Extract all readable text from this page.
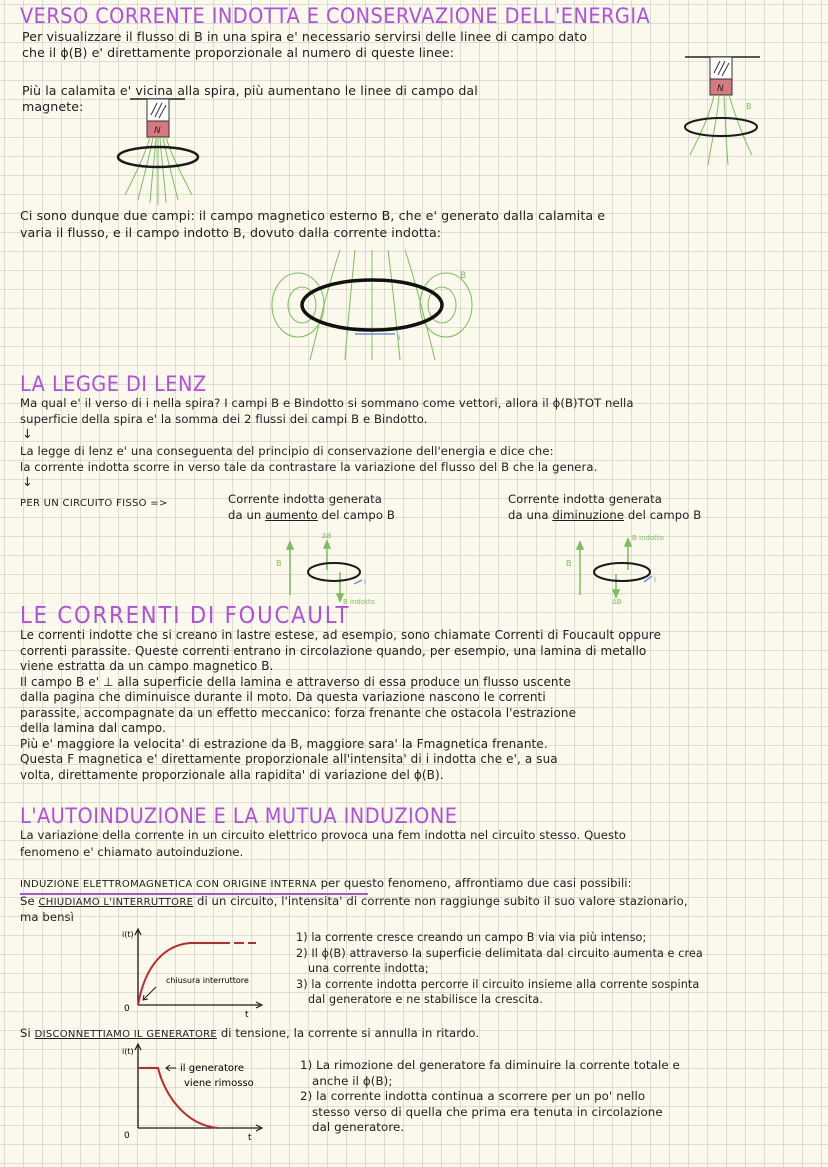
VERSO CORRENTE INDOTTA E CONSERVAZIONE DELL'ENERGIA
Per visualizzare il flusso di B in una spira e' necessario servirsi delle linee di campo dato
che il ϕ(B) e' direttamente proporzionale al numero di queste linee:
Più la calamita e' vicina alla spira, più aumentano le linee di campo dal
magnete:
N
N
B
Ci sono dunque due campi: il campo magnetico esterno B, che e' generato dalla calamita e
varia il flusso, e il campo indotto B, dovuto dalla corrente indotta:
B
i
LA LEGGE DI LENZ
Ma qual e' il verso di i nella spira? I campi B e Bindotto si sommano come vettori, allora il ϕ(B)TOT nella
superficie della spira e' la somma dei 2 flussi dei campi B e Bindotto.
↓
La legge di lenz e' una conseguenta del principio di conservazione dell'energia e dice che:
la corrente indotta scorre in verso tale da contrastare la variazione del flusso del B che la genera.
↓
PER UN CIRCUITO FISSO =>	Corrente indotta generata
da un aumento del campo B
Corrente indotta generata
da una diminuzione del campo B
B
ΔB
B indotto
i
B
B indotto
ΔB
i
LE CORRENTI DI FOUCAULT
Le correnti indotte che si creano in lastre estese, ad esempio, sono chiamate Correnti di Foucault oppure
correnti parassite. Queste correnti entrano in circolazione quando, per esempio, una lamina di metallo
viene estratta da un campo magnetico B.
Il campo B e' ⊥ alla superficie della lamina e attraverso di essa produce un flusso uscente
dalla pagina che diminuisce durante il moto. Da questa variazione nascono le correnti
parassite, accompagnate da un effetto meccanico: forza frenante che ostacola l'estrazione
della lamina dal campo.
Più e' maggiore la velocita' di estrazione da B, maggiore sara' la Fmagnetica frenante.
Questa F magnetica e' direttamente proporzionale all'intensita' di i indotta che e', a sua
volta, direttamente proporzionale alla rapidita' di variazione del ϕ(B).
L'AUTOINDUZIONE E LA MUTUA INDUZIONE
La variazione della corrente in un circuito elettrico provoca una fem indotta nel circuito stesso. Questo
fenomeno e' chiamato autoinduzione.
INDUZIONE ELETTROMAGNETICA CON ORIGINE INTERNA per questo fenomeno, affrontiamo due casi possibili:
Se CHIUDIAMO L'INTERRUTTORE di un circuito, l'intensita' di corrente non raggiunge subito il suo valore stazionario,
ma bensì
i(t)
0
t
chiusura interruttore
1) la corrente cresce creando un campo B via via più intenso;
2) Il ϕ(B) attraverso la superficie delimitata dal circuito aumenta e crea
una corrente indotta;
3) la corrente indotta percorre il circuito insieme alla corrente sospinta
dal generatore e ne stabilisce la crescita.
Si DISCONNETTIAMO IL GENERATORE di tensione, la corrente si annulla in ritardo.
i(t)
0	t
il generatore
viene rimosso
1) La rimozione del generatore fa diminuire la corrente totale e
anche il ϕ(B);
2) la corrente indotta continua a scorrere per un po' nello
stesso verso di quella che prima era tenuta in circolazione
dal generatore.
